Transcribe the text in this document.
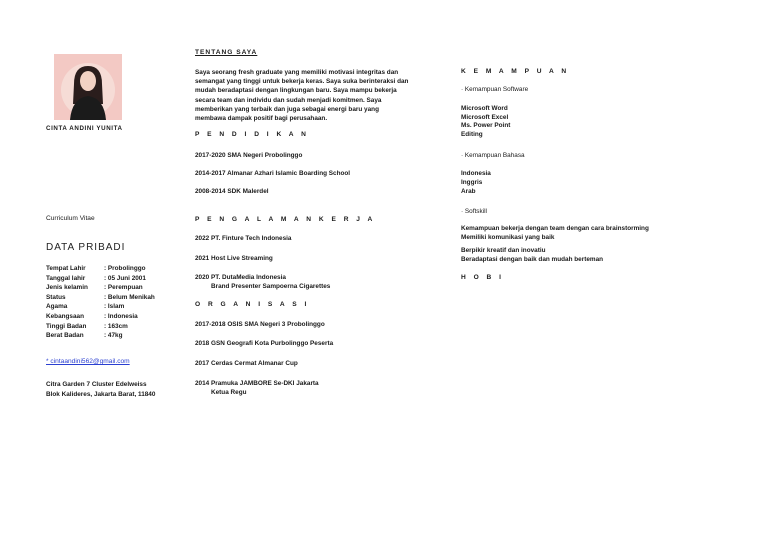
CINTA ANDINI YUNITA
Curriculum Vitae
DATA PRIBADI
Tempat Lahir	: Probolinggo
Tanggal lahir	: 05 Juni 2001
Jenis kelamin	: Perempuan
Status	: Belum Menikah
Agama	: Islam
Kebangsaan	: Indonesia
Tinggi Badan	: 163cm
Berat Badan	: 47kg
* cintaandini562@gmail.com
Citra Garden 7 Cluster Edelweiss
Blok Kalideres, Jakarta Barat, 11840
TENTANG SAYA
Saya seorang fresh graduate yang memiliki motivasi integritas dan
semangat yang tinggi untuk bekerja keras. Saya suka berinteraksi dan
mudah beradaptasi dengan lingkungan baru. Saya mampu bekerja
secara team dan individu dan sudah menjadi komitmen. Saya
memberikan yang terbaik dan juga sebagai energi baru yang
membawa dampak positif bagi perusahaan.
P E N D I D I K A N
2017-2020 SMA Negeri Probolinggo
2014-2017 Almanar Azhari Islamic Boarding School
2008-2014 SDK Malerdel
P E N G A L A M A N K E R J A
2022 PT. Finture Tech Indonesia
2021 Host Live Streaming
2020 PT. DutaMedia Indonesia
Brand Presenter Sampoerna Cigarettes
O R G A N I S A S I
2017-2018 OSIS SMA Negeri 3 Probolinggo
2018 GSN Geografi Kota Purbolinggo Peserta
2017 Cerdas Cermat Almanar Cup
2014 Pramuka JAMBORE Se-DKI Jakarta
Ketua Regu
K E M A M P U A N
· Kemampuan Software
Microsoft Word
Microsoft Excel
Ms. Power Point
Editing
· Kemampuan Bahasa
Indonesia
Inggris
Arab
· Softskill
Kemampuan bekerja dengan team dengan cara brainstorming
Memiliki komunikasi yang baik
Berpikir kreatif dan inovatiu
Beradaptasi dengan baik dan mudah berteman
H O B I
